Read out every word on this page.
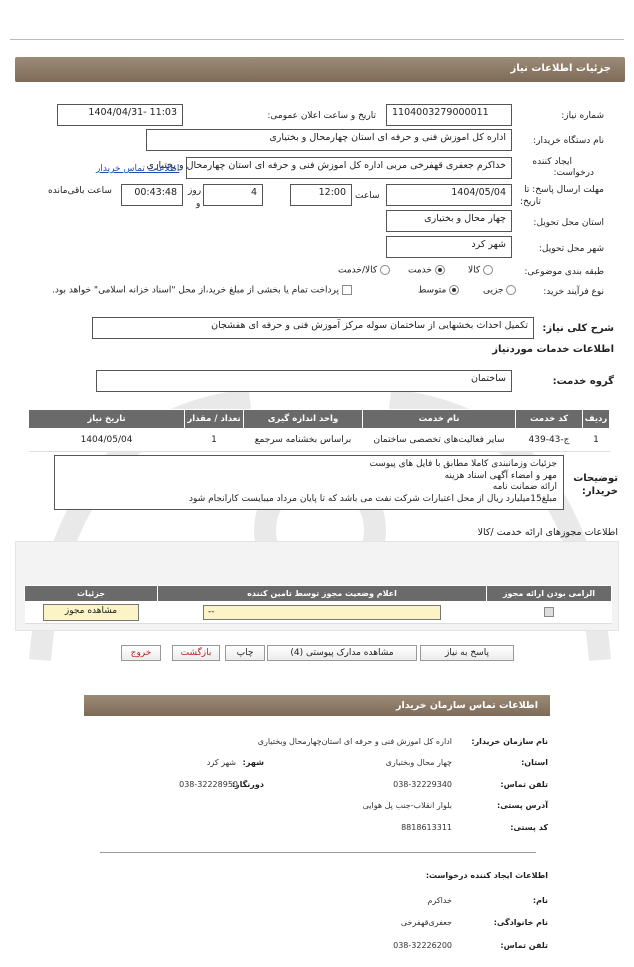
جزئیات اطلاعات نیاز
شماره نیاز:
1104003279000011
تاریخ و ساعت اعلان عمومی:
1404/04/31- 11:03
نام دستگاه خریدار:
اداره کل اموزش فنی و حرفه ای استان چهارمحال و بختیاری
ایجاد کننده
درخواست:
خداکرم جعفری قهفرخی مربی اداره کل اموزش فنی و حرفه ای استان چهارمحال و بختیاری
اطلاعات تماس خریدار
مهلت ارسال پاسخ: تا
تاریخ:
1404/05/04
ساعت
12:00
4
روز
و
00:43:48
ساعت باقی‌مانده
استان محل تحویل:
چهار محال و بختیاری
شهر محل تحویل:
شهر کرد
طبقه بندی موضوعی:
کالا
خدمت
کالا/خدمت
نوع فرآیند خرید:
جزیی
متوسط
پرداخت تمام یا بخشی از مبلغ خرید،از محل "اسناد خزانه اسلامی" خواهد بود.
شرح کلی نیاز:
تکمیل احداث بخشهایی از ساختمان سوله مرکز آموزش فنی و حرفه ای هفشجان
اطلاعات خدمات موردنیاز
گروه خدمت:
ساختمان
ردیف	کد خدمت	نام خدمت	واحد اندازه گیری	تعداد / مقدار	تاریخ نیاز
1	ج-43-439	سایر فعالیت‌های تخصصی ساختمان	براساس بخشنامه سرجمع	1	1404/05/04
توضیحات
خریدار:
جزئیات وزمانبندی کاملا مطابق با فایل های پیوست
مهر و امضاء آگهی اسناد هزینه
ارائه ضمانت نامه
مبلغ15میلیارد ریال از محل اعتبارات شرکت نفت می باشد که تا پایان مرداد میبایست کارانجام شود
اطلاعات مجوزهای ارائه خدمت /کالا
الزامی بودن ارائه مجوز	اعلام وضعیت مجوز توسط تامین کننده	جزئیات

	--	مشاهده مجوز
پاسخ به نیاز
مشاهده مدارک پیوستی (4)
چاپ
بازگشت
خروج
اطلاعات تماس سازمان خریدار
نام سازمان خریدار:
اداره کل اموزش فنی و حرفه ای استان‌چهارمحال وبختیاری
استان:
چهار محال وبختیاری
شهر:
شهر کرد
تلفن تماس:
038-32229340
دورنگار:
038-32228950
آدرس پستی:
بلوار انقلاب-جنب پل هوایی
کد پستی:
8818613311
اطلاعات ایجاد کننده درخواست:
نام:
خداکرم
نام خانوادگی:
جعفری‌قهفرخی
تلفن تماس:
038-32226200
